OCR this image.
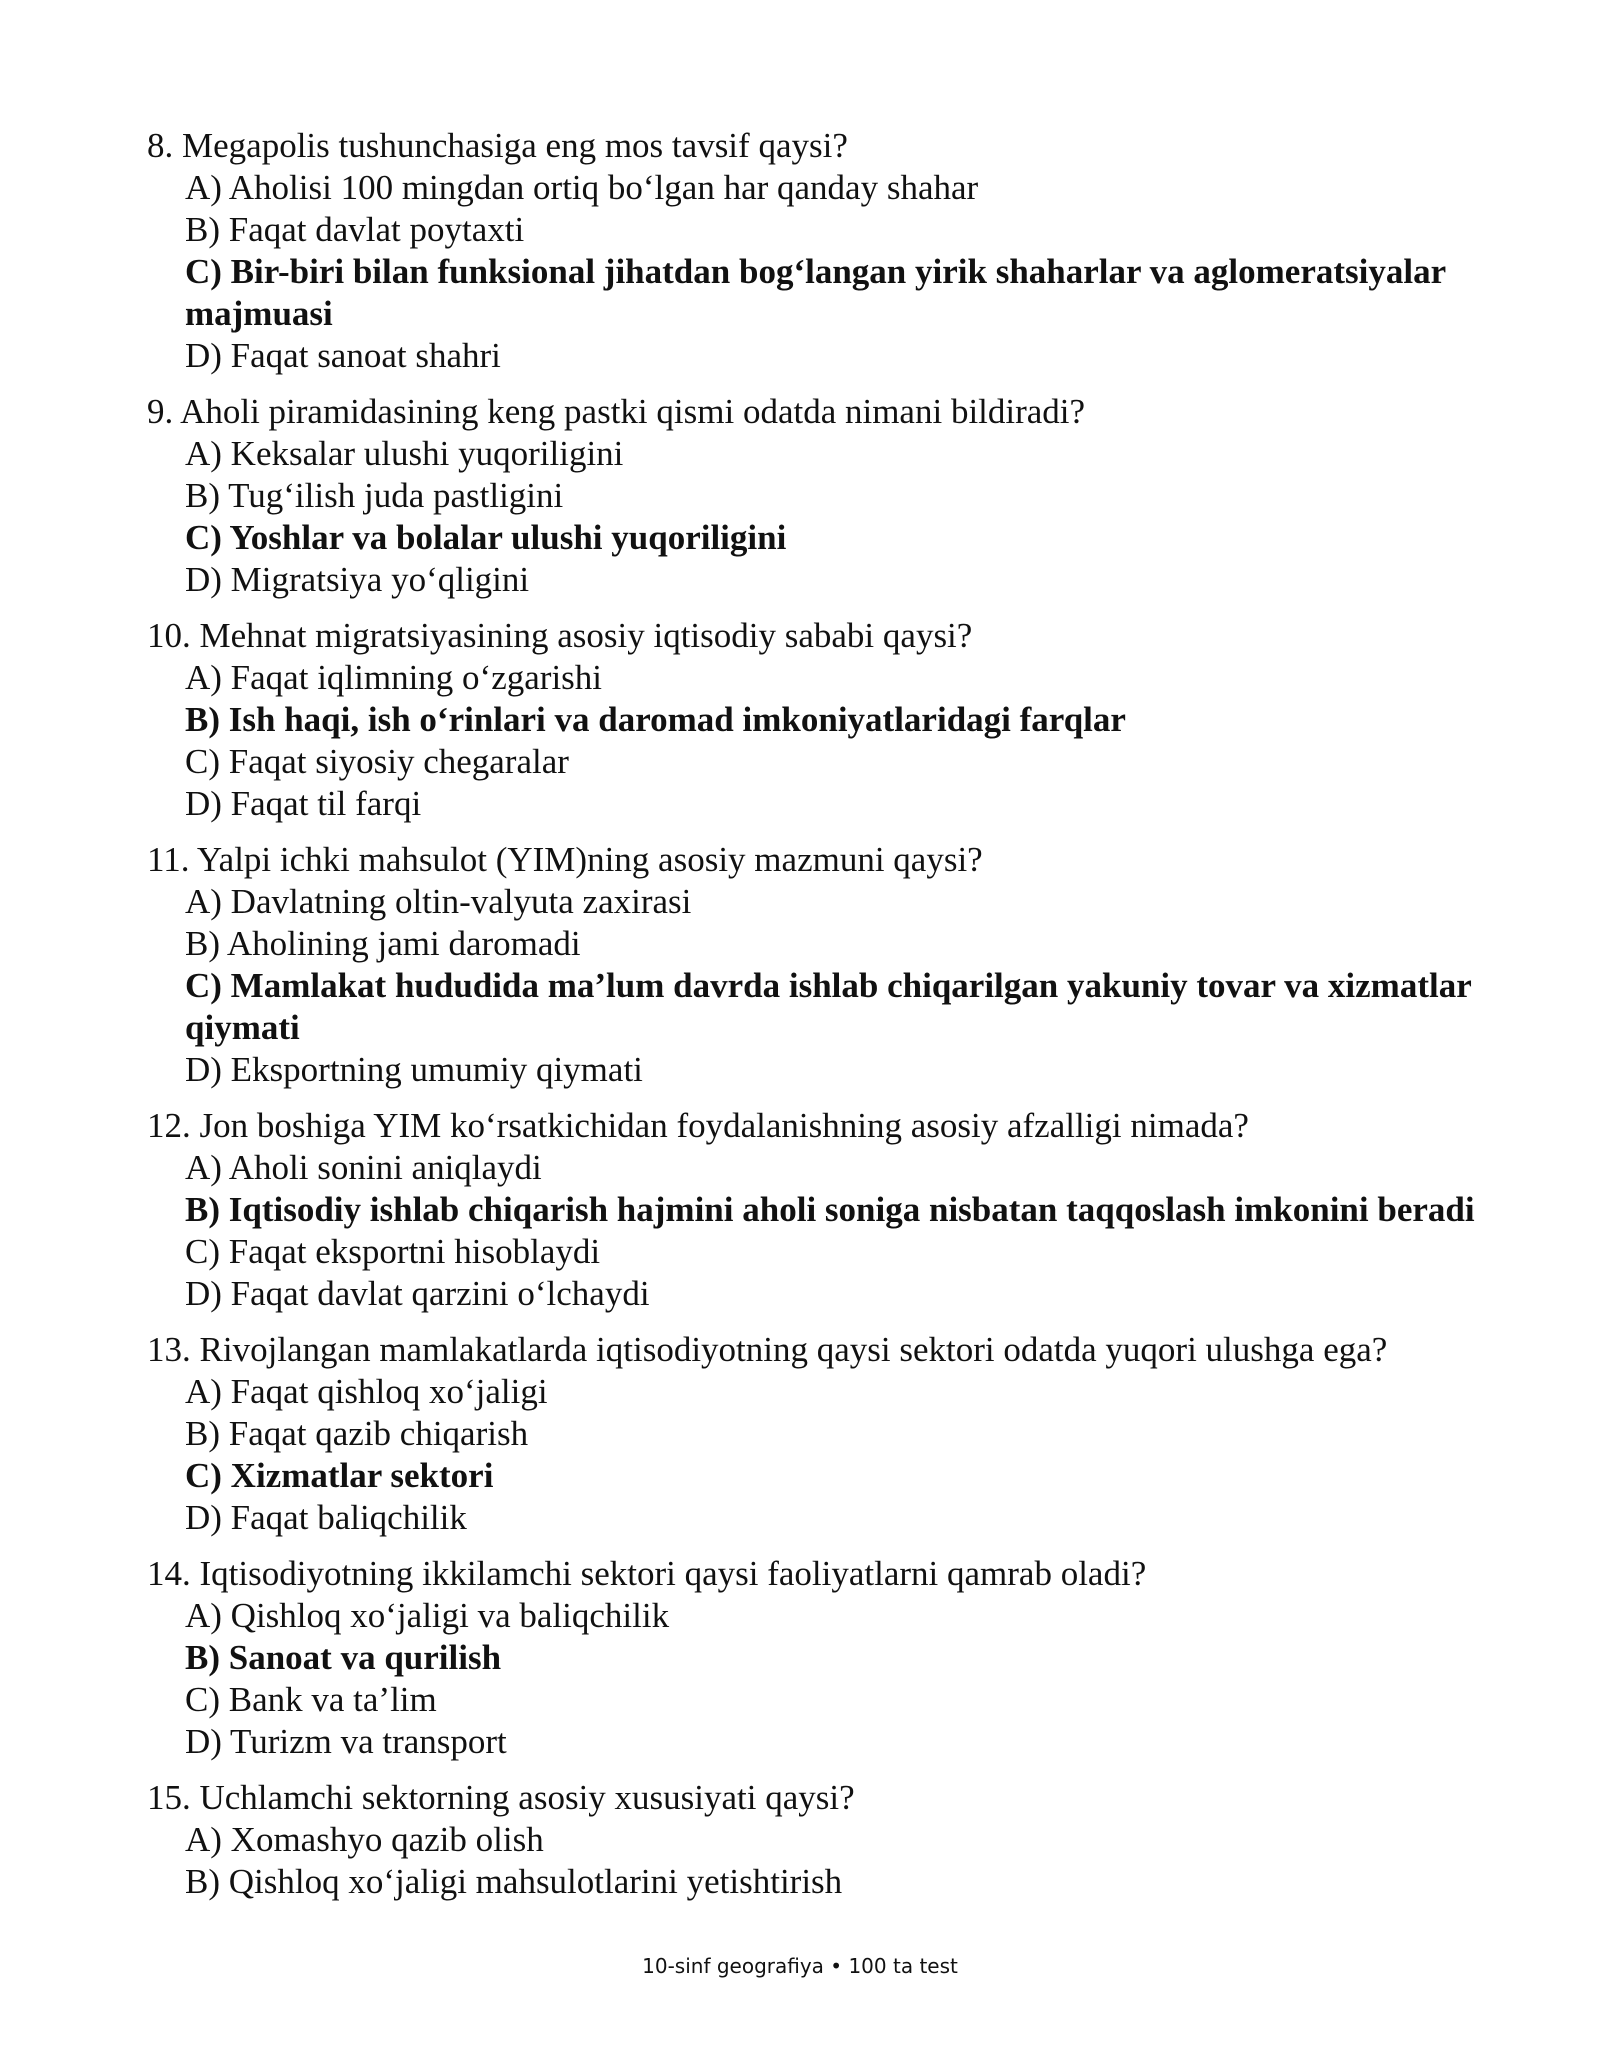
8. Megapolis tushunchasiga eng mos tavsif qaysi?
A) Aholisi 100 mingdan ortiq bo‘lgan har qanday shahar
B) Faqat davlat poytaxti
C) Bir-biri bilan funksional jihatdan bog‘langan yirik shaharlar va aglomeratsiyalar majmuasi
D) Faqat sanoat shahri
9. Aholi piramidasining keng pastki qismi odatda nimani bildiradi?
A) Keksalar ulushi yuqoriligini
B) Tug‘ilish juda pastligini
C) Yoshlar va bolalar ulushi yuqoriligini
D) Migratsiya yo‘qligini
10. Mehnat migratsiyasining asosiy iqtisodiy sababi qaysi?
A) Faqat iqlimning o‘zgarishi
B) Ish haqi, ish o‘rinlari va daromad imkoniyatlaridagi farqlar
C) Faqat siyosiy chegaralar
D) Faqat til farqi
11. Yalpi ichki mahsulot (YIM)ning asosiy mazmuni qaysi?
A) Davlatning oltin-valyuta zaxirasi
B) Aholining jami daromadi
C) Mamlakat hududida ma’lum davrda ishlab chiqarilgan yakuniy tovar va xizmatlar qiymati
D) Eksportning umumiy qiymati
12. Jon boshiga YIM ko‘rsatkichidan foydalanishning asosiy afzalligi nimada?
A) Aholi sonini aniqlaydi
B) Iqtisodiy ishlab chiqarish hajmini aholi soniga nisbatan taqqoslash imkonini beradi
C) Faqat eksportni hisoblaydi
D) Faqat davlat qarzini o‘lchaydi
13. Rivojlangan mamlakatlarda iqtisodiyotning qaysi sektori odatda yuqori ulushga ega?
A) Faqat qishloq xo‘jaligi
B) Faqat qazib chiqarish
C) Xizmatlar sektori
D) Faqat baliqchilik
14. Iqtisodiyotning ikkilamchi sektori qaysi faoliyatlarni qamrab oladi?
A) Qishloq xo‘jaligi va baliqchilik
B) Sanoat va qurilish
C) Bank va ta’lim
D) Turizm va transport
15. Uchlamchi sektorning asosiy xususiyati qaysi?
A) Xomashyo qazib olish
B) Qishloq xo‘jaligi mahsulotlarini yetishtirish
10-sinf geografiya • 100 ta test
